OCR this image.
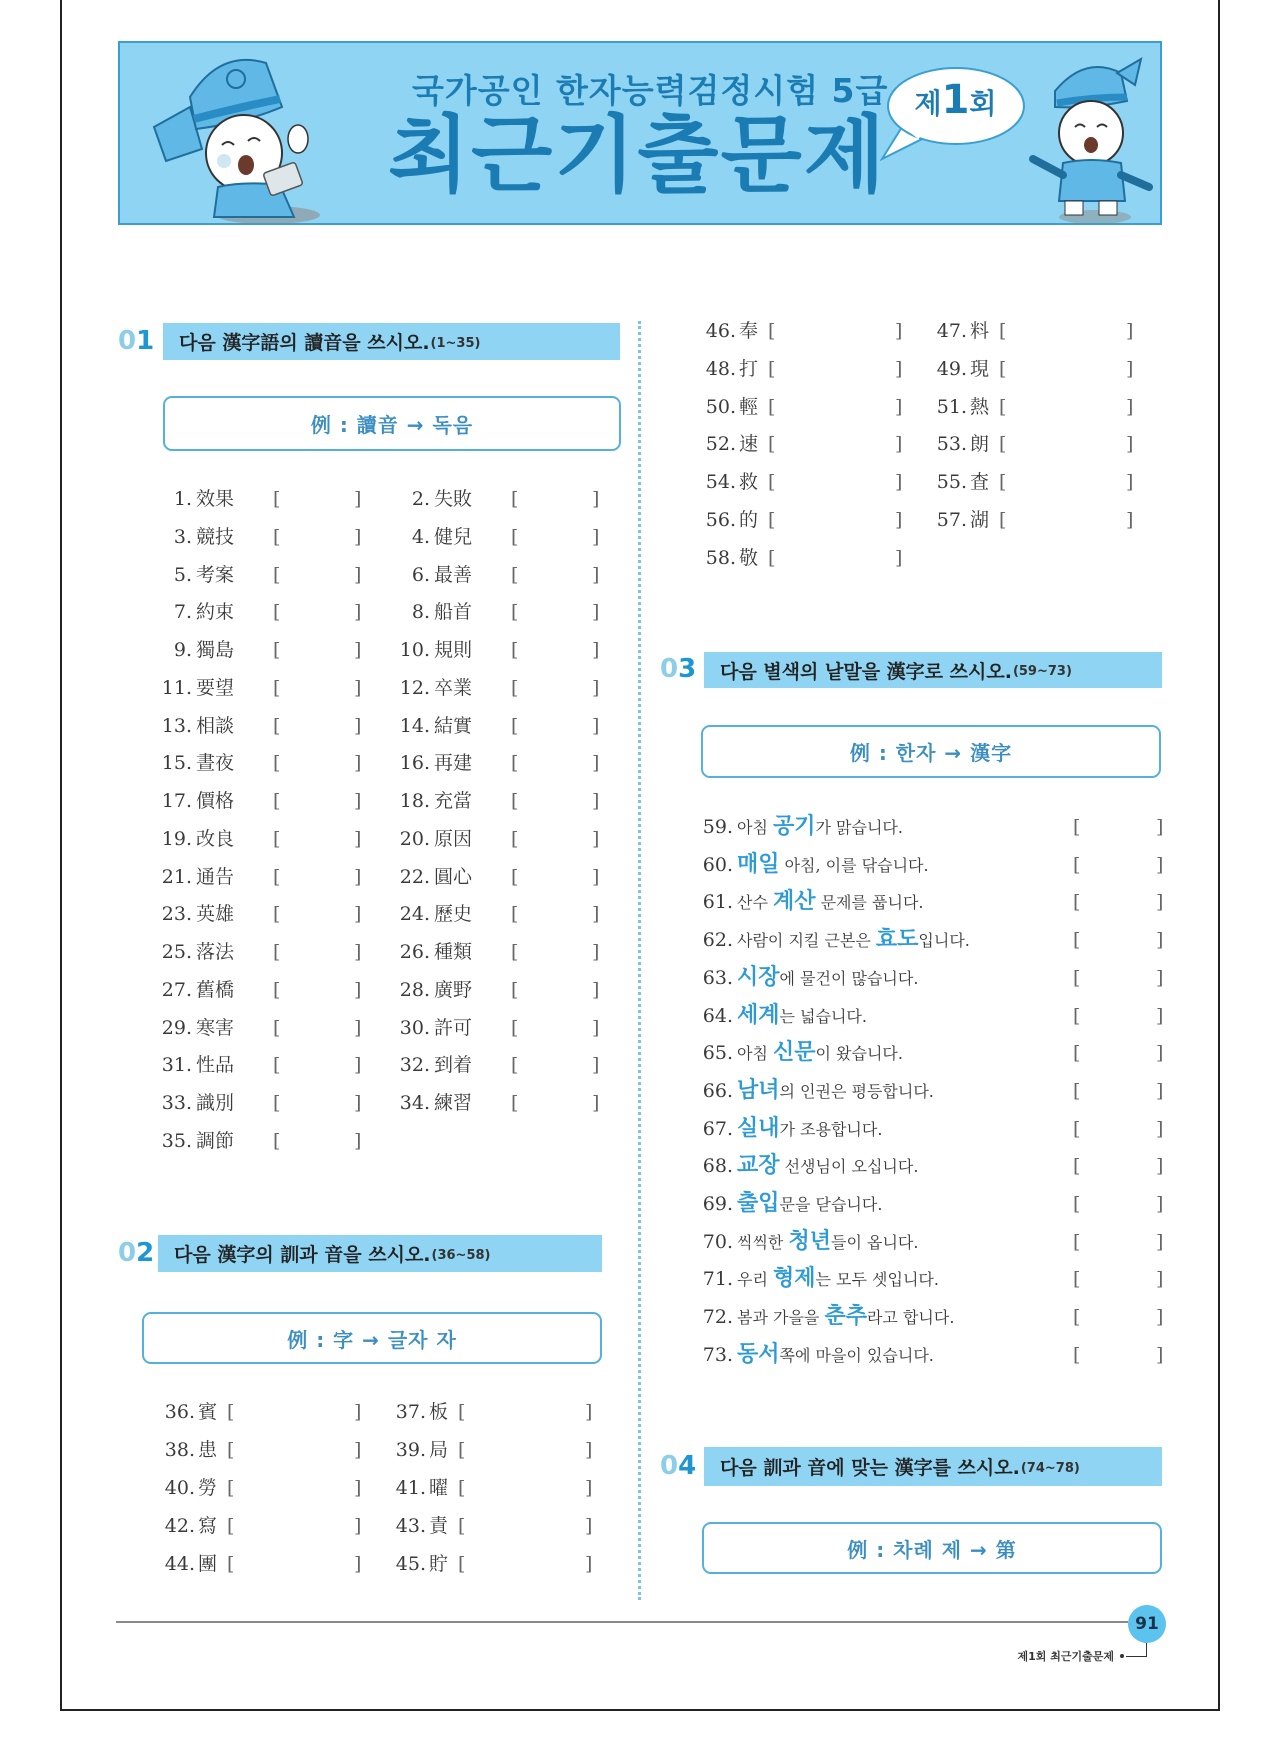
국가공인 한자능력검정시험 5급
최근기출문제
제1회
01 다음 漢字語의 讀音을 쓰시오. (1~35)
例 : 讀音 → 독음
1. 效果 [	]	2. 失敗 [	]
3. 競技 [	]	4. 健兒 [	]
5. 考案 [	]	6. 最善 [	]
7. 約束 [	]	8. 船首 [	]
9. 獨島 [	]	10. 規則 [	]
11. 要望 [	]	12. 卒業 [	]
13. 相談 [	]	14. 結實 [	]
15. 晝夜 [	]	16. 再建 [	]
17. 價格 [	]	18. 充當 [	]
19. 改良 [	]	20. 原因 [	]
21. 通告 [	]	22. 圓心 [	]
23. 英雄 [	]	24. 歷史 [	]
25. 落法 [	]	26. 種類 [	]
27. 舊橋 [	]	28. 廣野 [	]
29. 寒害 [	]	30. 許可 [	]
31. 性品 [	]	32. 到着 [	]
33. 識別 [	]	34. 練習 [	]
35. 調節 [	]
02 다음 漢字의 訓과 音을 쓰시오. (36~58)
例 : 字 → 글자 자
36. 賓 [	]	37. 板 [	]
38. 患 [	]	39. 局 [	]
40. 勞 [	]	41. 曜 [	]
42. 寫 [	]	43. 責 [	]
44. 團 [	]	45. 貯 [	]
46. 奉 [	]	47. 料 [	]
48. 打 [	]	49. 現 [	]
50. 輕 [	]	51. 熱 [	]
52. 速 [	]	53. 朗 [	]
54. 救 [	]	55. 査 [	]
56. 的 [	]	57. 湖 [	]
58. 敬 [	]
03 다음 별색의 낱말을 漢字로 쓰시오. (59~73)
例 : 한자 → 漢字
59. 아침 공기가 맑습니다.	[	]
60. 매일 아침, 이를 닦습니다.	[	]
61. 산수 계산 문제를 풉니다.	[	]
62. 사람이 지킬 근본은 효도입니다.	[	]
63. 시장에 물건이 많습니다.	[	]
64. 세계는 넓습니다.	[	]
65. 아침 신문이 왔습니다.	[	]
66. 남녀의 인권은 평등합니다.	[	]
67. 실내가 조용합니다.	[	]
68. 교장 선생님이 오십니다.	[	]
69. 출입문을 닫습니다.	[	]
70. 씩씩한 청년들이 옵니다.	[	]
71. 우리 형제는 모두 셋입니다.	[	]
72. 봄과 가을을 춘추라고 합니다.	[	]
73. 동서쪽에 마을이 있습니다.	[	]
04 다음 訓과 音에 맞는 漢字를 쓰시오. (74~78)
例 : 차례 제 → 第
91
제1회 최근기출문제
